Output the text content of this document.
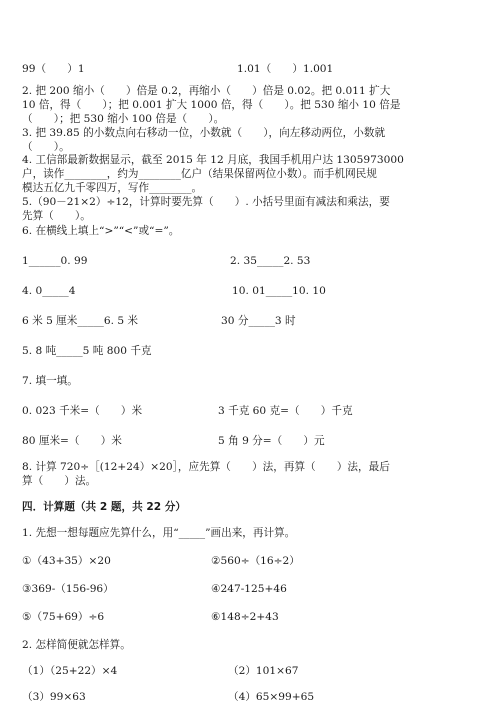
99（　　）1	1.01（　　）1.001
2. 把 200 缩小（　　）倍是 0.2，再缩小（　　）倍是 0.02。把 0.011 扩大
10 倍，得（　　）；把 0.001 扩大 1000 倍，得（　　）。把 530 缩小 10 倍是
（　　）；把 530 缩小 100 倍是（　　）。
3. 把 39.85 的小数点向右移动一位，小数就（　　），向左移动两位，小数就
（　　）。
4. 工信部最新数据显示，截至 2015 年 12 月底，我国手机用户达 1305973000
户，读作________，约为________亿户（结果保留两位小数）。而手机网民规
模达五亿九千零四万，写作________。
5.（90－21×2）÷12，计算时要先算（　　）. 小括号里面有减法和乘法，要
先算（　　）。
6. 在横线上填上“>”“<”或“=”。
1______0. 99	2. 35_____2. 53
4. 0_____4	10. 01_____10. 10
6 米 5 厘米_____6. 5 米	30 分_____3 时
5. 8 吨_____5 吨 800 千克
7. 填一填。
0. 023 千米=（　　）米	3 千克 60 克=（　　）千克
80 厘米=（　　）米	5 角 9 分=（　　）元
8. 计算 720÷［(12+24）×20］，应先算（　　）法，再算（　　）法，最后
算（　　）法。
四．计算题（共 2 题，共 22 分）
1. 先想一想每题应先算什么，用“_____”画出来，再计算。
①（43+35）×20	②560÷（16÷2）
③369-（156-96）	④247-125+46
⑤（75+69）÷6	⑥148÷2+43
2. 怎样简便就怎样算。
（1）（25+22）×4	（2）101×67
（3）99×63	（4）65×99+65
